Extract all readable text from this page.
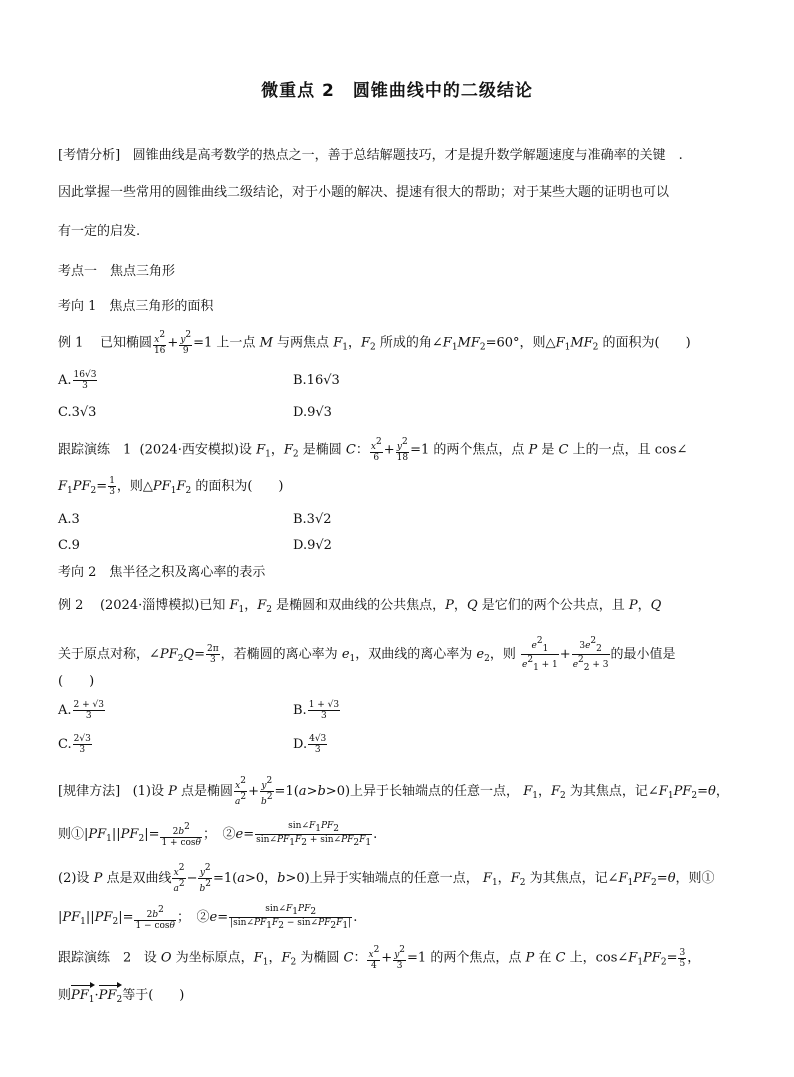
微重点 2　圆锥曲线中的二级结论
[考情分析] 圆锥曲线是高考数学的热点之一，善于总结解题技巧，才是提升数学解题速度与准确率的关键　.
因此掌握一些常用的圆锥曲线二级结论，对于小题的解决、提速有很大的帮助；对于某些大题的证明也可以
有一定的启发.
考点一　焦点三角形
考向 1　焦点三角形的面积
例 1 已知椭圆 $\frac{x^2}{16} + \frac{y^2}{9} =1$ 上一点 M 与两焦点 $F_1$，$F_2$ 所成的角$\angle F_1MF_2=60^\circ$，则$\triangle F_1MF_2$ 的面积为(　　)
A. $\frac{16√3}{3}$	B.16√3
C.3√3	D.9√3
跟踪演练　1 (2024·西安模拟)设 $F_1$，$F_2$ 是椭圆 C： $\frac{x^2}{6} + \frac{y^2}{18} =1$ 的两个焦点，点 P 是 C 上的一点，且 cos∠
$F_1PF_2= \frac{1}{3}$ ，则$\triangle PF_1F_2$ 的面积为(　　)
A.3	B.3√2
C.9	D.9√2
考向 2　焦半径之积及离心率的表示
例 2 (2024·淄博模拟)已知 $F_1$，$F_2$ 是椭圆和双曲线的公共焦点，P，Q 是它们的两个公共点，且 P，Q
关于原点对称，$\angle PF_2Q= \frac{2\pi}{3}$ ，若椭圆的离心率为 $e_1$，双曲线的离心率为 $e_2$，则 $\frac{e^2_1}{e^2_1 + 1} + \frac{3e^2_2}{e^2_2 + 3}$ 的最小值是
(　　)
A. $\frac{2 + √3}{3}$	B. $\frac{1 + √3}{3}$
C. $\frac{2√3}{3}$	D. $\frac{4√3}{3}$
[规律方法] (1)设 P 点是椭圆 $\frac{x^2}{a^2} + \frac{y^2}{b^2} =1(a>b>0)$上异于长轴端点的任意一点， $F_1$，$F_2$ 为其焦点，记$\angle F_1PF_2=\theta$，
则$①|PF_1||PF_2|= \frac{2b^2}{1 + \cos\theta}$ ；　②e= $\frac{\sin\angle F_1PF_2}{\sin\angle PF_1F_2 + \sin\angle PF_2F_1}$ .
(2)设 P 点是双曲线 $\frac{x^2}{a^2} - \frac{y^2}{b^2} =1(a>0$，b>0)上异于实轴端点的任意一点， $F_1$，$F_2$ 为其焦点，记$\angle F_1PF_2=\theta$，则①
$|PF_1||PF_2|= \frac{2b^2}{1 - \cos\theta}$ ；　②e= $\frac{\sin\angle F_1PF_2}{|\sin\angle PF_1F_2 - \sin\angle PF_2F_1|}$ .
跟踪演练　2 设 O 为坐标原点，$F_1$，$F_2$ 为椭圆 C： $\frac{x^2}{4} + \frac{y^2}{3} =1$ 的两个焦点，点 P 在 C 上，$\cos\angle F_1PF_2= \frac{3}{5}$ ，
则$PF_1\cdot PF_2$等于(　　)
